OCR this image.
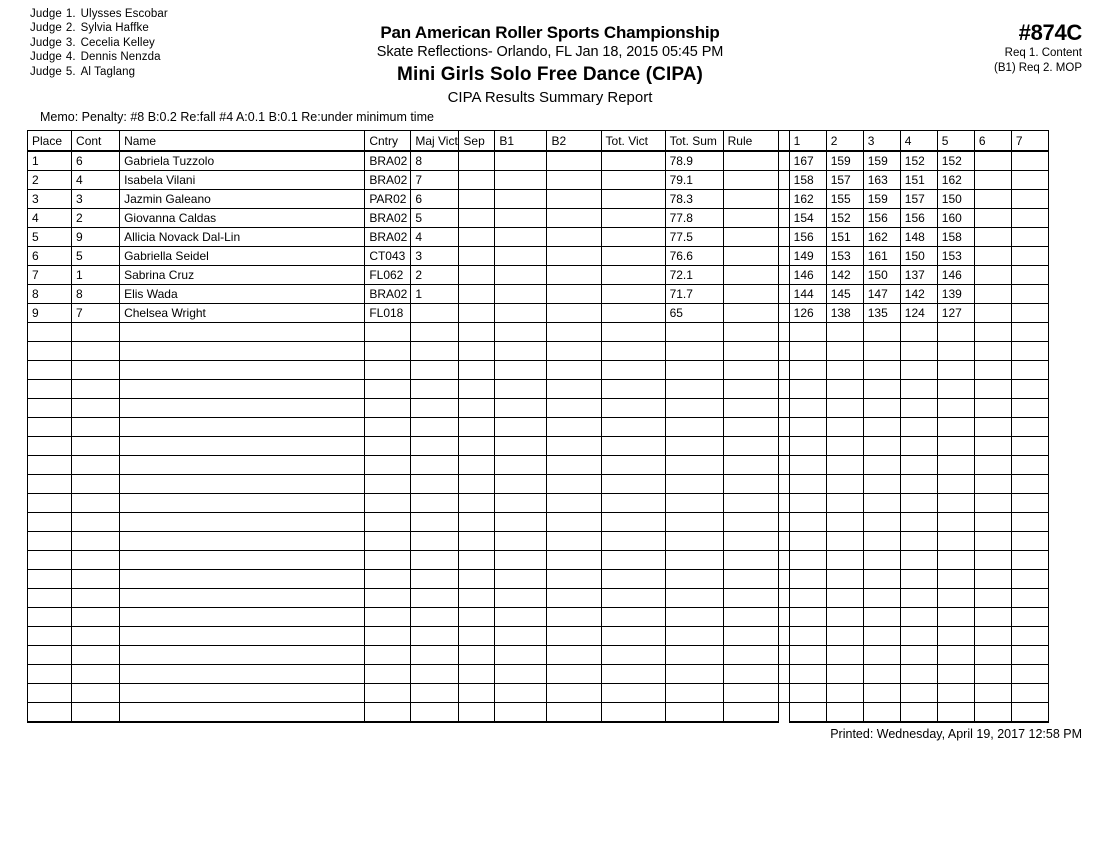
Judge 1. Ulysses Escobar
Judge 2. Sylvia Haffke
Judge 3. Cecelia Kelley
Judge 4. Dennis Nenzda
Judge 5. Al Taglang
Pan American Roller Sports Championship
Skate Reflections- Orlando, FL Jan 18, 2015 05:45 PM
Mini Girls Solo Free Dance (CIPA)
CIPA Results Summary Report
#874C
Req 1. Content
(B1) Req 2. MOP
Memo: Penalty: #8 B:0.2 Re:fall #4 A:0.1 B:0.1 Re:under minimum time
Place	Cont	Name	Cntry	Maj Vict	Sep	B1	B2	Tot. Vict	Tot. Sum	Rule		1	2	3	4	5	6	7
1	6	Gabriela Tuzzolo	BRA02	8					78.9			167	159	159	152	152		
2	4	Isabela Vilani	BRA02	7					79.1			158	157	163	151	162		
3	3	Jazmin Galeano	PAR02	6					78.3			162	155	159	157	150		
4	2	Giovanna Caldas	BRA02	5					77.8			154	152	156	156	160		
5	9	Allicia Novack Dal-Lin	BRA02	4					77.5			156	151	162	148	158		
6	5	Gabriella Seidel	CT043	3					76.6			149	153	161	150	153		
7	1	Sabrina Cruz	FL062	2					72.1			146	142	150	137	146		
8	8	Elis Wada	BRA02	1					71.7			144	145	147	142	139		
9	7	Chelsea Wright	FL018						65			126	138	135	124	127		

Printed: Wednesday, April 19, 2017 12:58 PM
